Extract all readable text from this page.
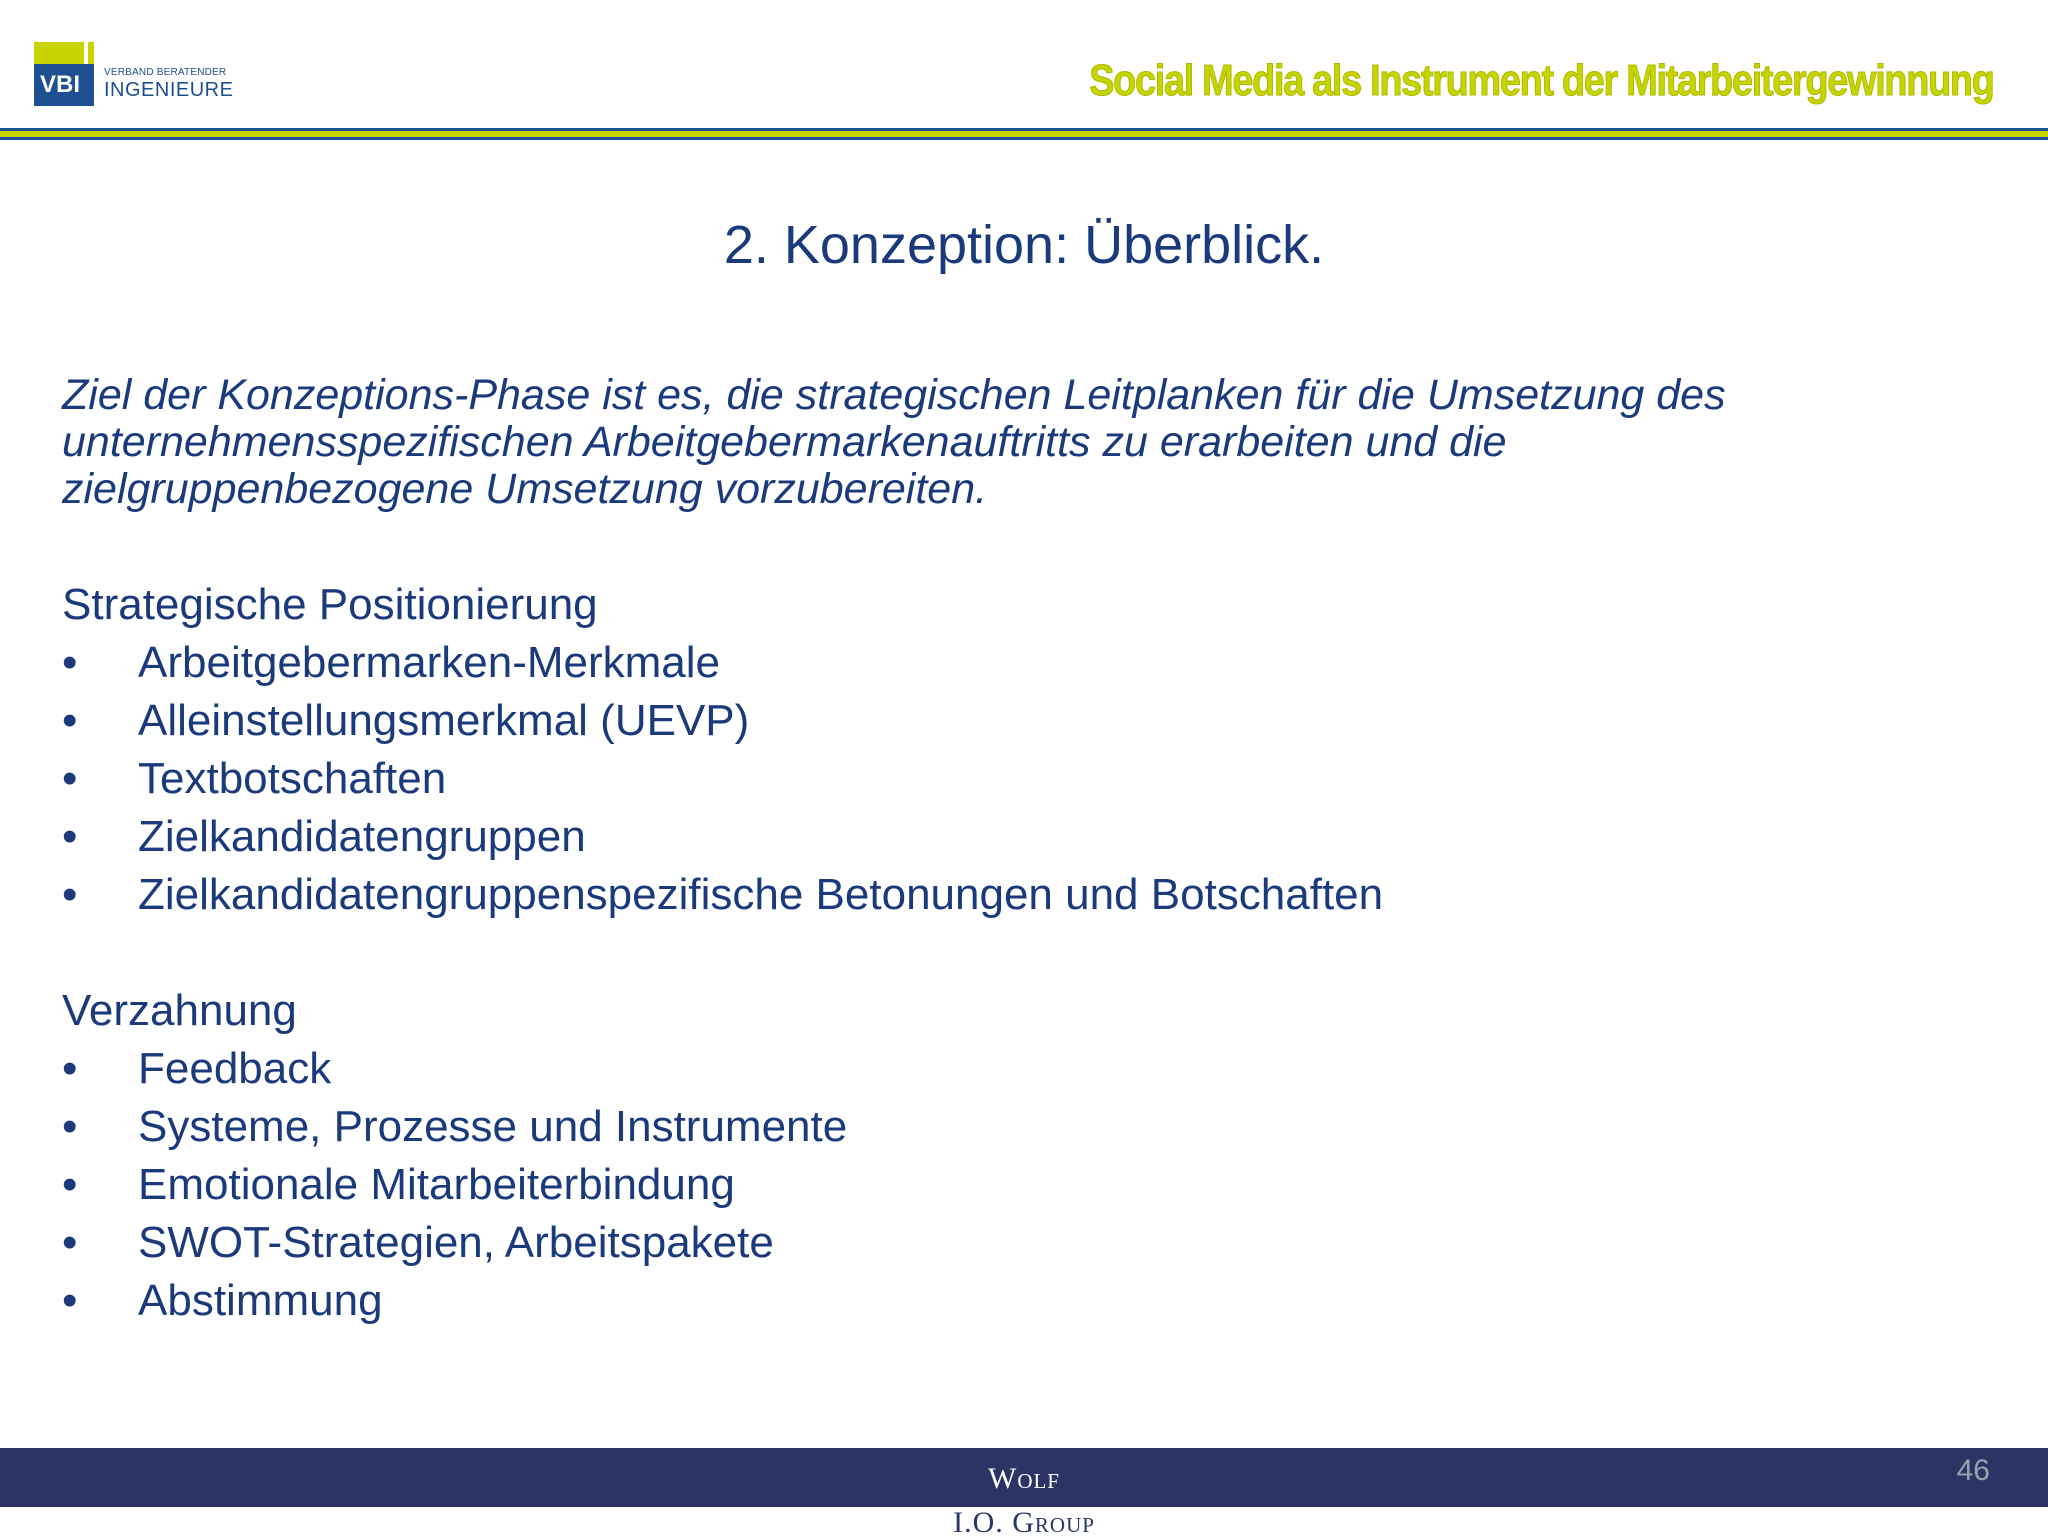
VBI	VERBAND BERATENDER
INGENIEURE	Social Media als Instrument der Mitarbeitergewinnung
2. Konzeption: Überblick.
Ziel der Konzeptions-Phase ist es, die strategischen Leitplanken für die Umsetzung des
unternehmensspezifischen Arbeitgebermarkenauftritts zu erarbeiten und die
zielgruppenbezogene Umsetzung vorzubereiten.
Strategische Positionierung
•	Arbeitgebermarken-Merkmale
•	Alleinstellungsmerkmal (UEVP)
•	Textbotschaften
•	Zielkandidatengruppen
•	Zielkandidatengruppenspezifische Betonungen und Botschaften
Verzahnung
•	Feedback
•	Systeme, Prozesse und Instrumente
•	Emotionale Mitarbeiterbindung
•	SWOT-Strategien, Arbeitspakete
•	Abstimmung
Wolf
I.O. Group
46
